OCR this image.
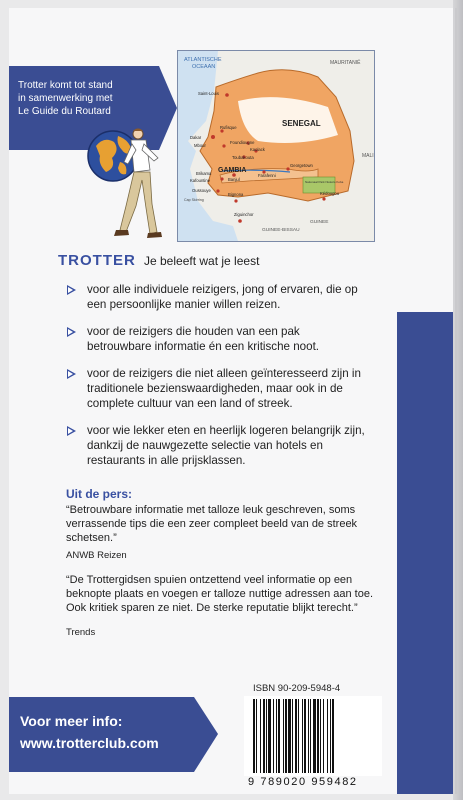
Trotter komt tot stand
in samenwerking met
Le Guide du Routard
ATLANTISCHE
OCEAAN
MAURITANIË
MALI
SENEGAL
GAMBIA
GUINEE-BISSAU
GUINEE
Saint-Louis
Rufisque
Dakar
Mbour
Foundiougne
Kaolack
Toubakouta
Banjul
Farafenni
Georgetown
Brikama
Kafountine
Oussouye
Bignona
Ziguinchor
Kédougou
Cap Skirring
Nationaal Park Niokolo Koba
TROTTER Je beleeft wat je leest
voor alle individuele reizigers, jong of ervaren, die op een persoonlijke manier willen reizen.
voor de reizigers die houden van een pak betrouwbare informatie én een kritische noot.
voor de reizigers die niet alleen geïnteresseerd zijn in traditionele bezienswaardigheden, maar ook in de complete cultuur van een land of streek.
voor wie lekker eten en heerlijk logeren belangrijk zijn, dankzij de nauwgezette selectie van hotels en restaurants in alle prijsklassen.
Uit de pers:
“Betrouwbare informatie met talloze leuk geschreven, soms verrassende tips die een zeer compleet beeld van de streek schetsen.”
ANWB Reizen
“De Trottergidsen spuien ontzettend veel informatie op een beknopte plaats en voegen er talloze nuttige adressen aan toe. Ook kritiek sparen ze niet. De sterke reputatie blijkt terecht.”
Trends
Voor meer info:
www.trotterclub.com
ISBN 90-209-5948-4
9 789020 959482
